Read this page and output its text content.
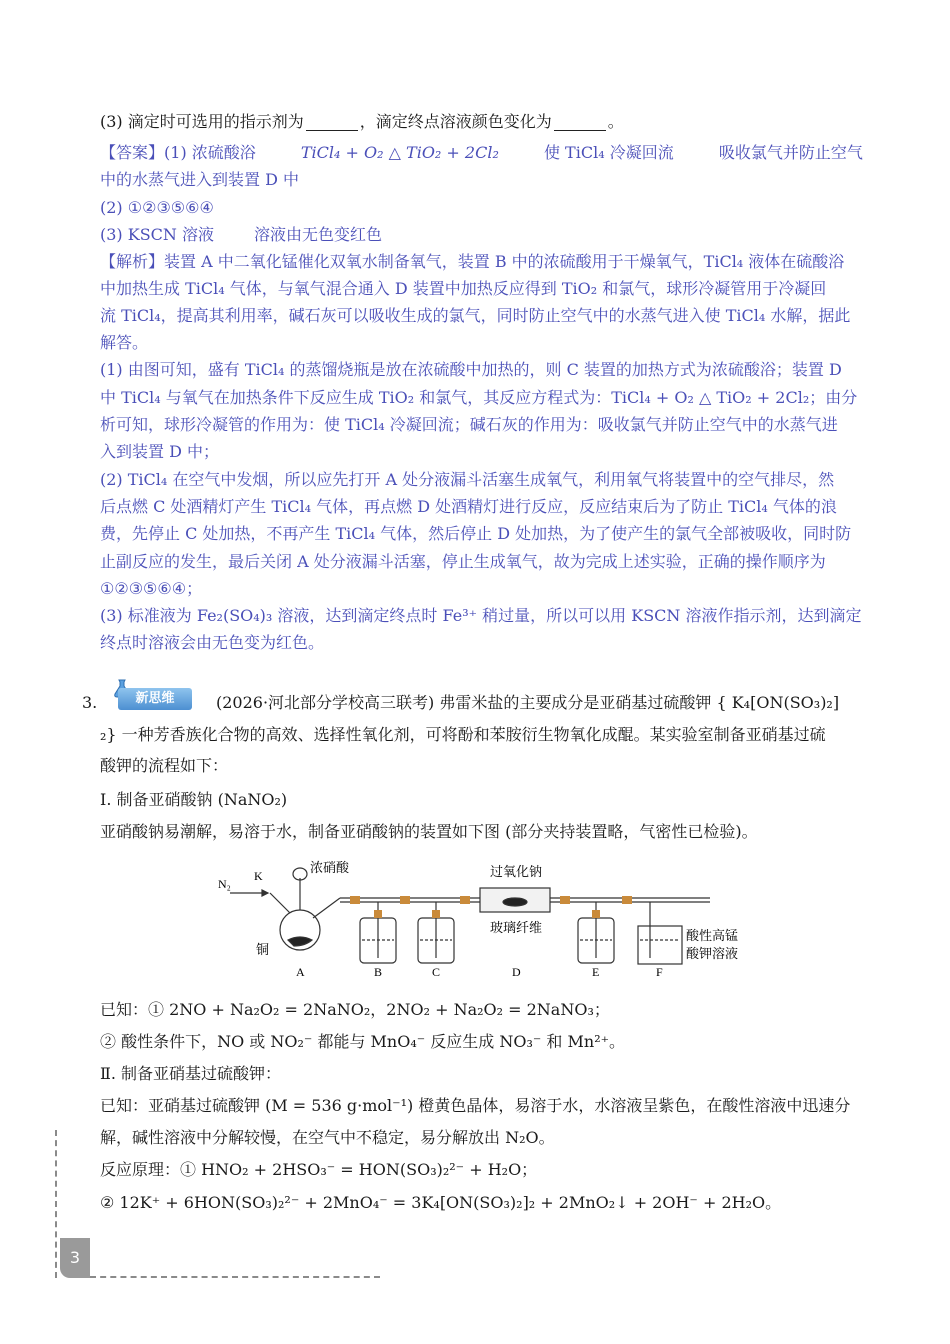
(3) 滴定时可选用的指示剂为	，滴定终点溶液颜色变化为	。
【答案】(1) 浓硫酸浴	TiCl₄ + O₂ △ TiO₂ + 2Cl₂	使 TiCl₄ 冷凝回流	吸收氯气并防止空气
中的水蒸气进入到装置 D 中
(2) ①②③⑤⑥④
(3) KSCN 溶液	溶液由无色变红色
【解析】装置 A 中二氧化锰催化双氧水制备氧气，装置 B 中的浓硫酸用于干燥氧气，TiCl₄ 液体在硫酸浴
中加热生成 TiCl₄ 气体，与氧气混合通入 D 装置中加热反应得到 TiO₂ 和氯气，球形冷凝管用于冷凝回
流 TiCl₄，提高其利用率，碱石灰可以吸收生成的氯气，同时防止空气中的水蒸气进入使 TiCl₄ 水解，据此
解答。
(1) 由图可知，盛有 TiCl₄ 的蒸馏烧瓶是放在浓硫酸中加热的，则 C 装置的加热方式为浓硫酸浴；装置 D
中 TiCl₄ 与氧气在加热条件下反应生成 TiO₂ 和氯气，其反应方程式为：TiCl₄ + O₂ △ TiO₂ + 2Cl₂；由分
析可知，球形冷凝管的作用为：使 TiCl₄ 冷凝回流；碱石灰的作用为：吸收氯气并防止空气中的水蒸气进
入到装置 D 中；
(2) TiCl₄ 在空气中发烟，所以应先打开 A 处分液漏斗活塞生成氧气，利用氧气将装置中的空气排尽，然
后点燃 C 处酒精灯产生 TiCl₄ 气体，再点燃 D 处酒精灯进行反应，反应结束后为了防止 TiCl₄ 气体的浪
费，先停止 C 处加热，不再产生 TiCl₄ 气体，然后停止 D 处加热，为了使产生的氯气全部被吸收，同时防
止副反应的发生，最后关闭 A 处分液漏斗活塞，停止生成氧气，故为完成上述实验，正确的操作顺序为
①②③⑤⑥④；
(3) 标准液为 Fe₂(SO₄)₃ 溶液，达到滴定终点时 Fe³⁺ 稍过量，所以可以用 KSCN 溶液作指示剂，达到滴定
终点时溶液会由无色变为红色。
3.	新思维	(2026·河北部分学校高三联考) 弗雷米盐的主要成分是亚硝基过硫酸钾 { K₄[ON(SO₃)₂]
₂} 一种芳香族化合物的高效、选择性氧化剂，可将酚和苯胺衍生物氧化成醌。某实验室制备亚硝基过硫
酸钾的流程如下：
Ⅰ. 制备亚硝酸钠 (NaNO₂)
亚硝酸钠易潮解，易溶于水，制备亚硝酸钠的装置如下图 (部分夹持装置略，气密性已检验)。
N₂
K	浓硝酸
铜
过氧化钠
玻璃纤维
酸性高锰
酸钾溶液
A	B	C	D	E	F
已知：① 2NO + Na₂O₂ = 2NaNO₂，2NO₂ + Na₂O₂ = 2NaNO₃；
② 酸性条件下，NO 或 NO₂⁻ 都能与 MnO₄⁻ 反应生成 NO₃⁻ 和 Mn²⁺。
Ⅱ. 制备亚硝基过硫酸钾：
已知：亚硝基过硫酸钾 (M = 536 g·mol⁻¹) 橙黄色晶体，易溶于水，水溶液呈紫色，在酸性溶液中迅速分
解，碱性溶液中分解较慢，在空气中不稳定，易分解放出 N₂O。
反应原理：① HNO₂ + 2HSO₃⁻ = HON(SO₃)₂²⁻ + H₂O；
② 12K⁺ + 6HON(SO₃)₂²⁻ + 2MnO₄⁻ = 3K₄[ON(SO₃)₂]₂ + 2MnO₂↓ + 2OH⁻ + 2H₂O。
3
